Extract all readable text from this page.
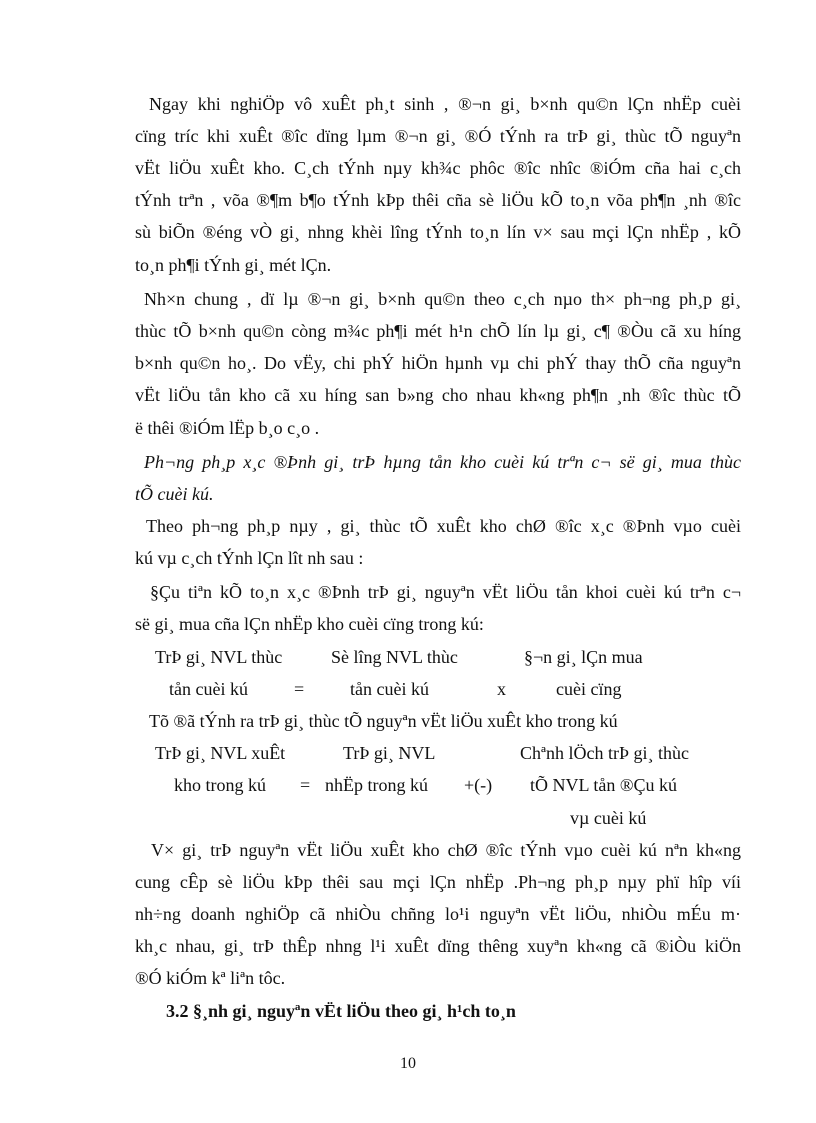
Ngay khi nghiÖp vô xuÊt ph¸t sinh , ®¬n gi¸ b×nh qu©n lÇn nhËp cuèi
cïng tríc khi xuÊt ®îc dïng lµm ®¬n gi¸ ®Ó tÝnh ra trÞ gi¸ thùc tÕ nguyªn
vËt liÖu xuÊt kho. C¸ch tÝnh nµy kh¾c phôc ®îc nhîc ®iÓm cña hai c¸ch
tÝnh trªn , võa ®¶m b¶o tÝnh kÞp thêi cña sè liÖu kÕ to¸n võa ph¶n ¸nh ®îc
sù biÕn ®éng vÒ gi¸ nhng khèi lîng tÝnh to¸n lín v× sau mçi lÇn nhËp , kÕ
to¸n ph¶i tÝnh gi¸ mét lÇn.
Nh×n chung , dï lµ ®¬n gi¸ b×nh qu©n theo c¸ch nµo th× ph¬ng ph¸p gi¸
thùc tÕ b×nh qu©n còng m¾c ph¶i mét h¹n chÕ lín lµ gi¸ c¶ ®Òu cã xu híng
b×nh qu©n ho¸. Do vËy, chi phÝ hiÖn hµnh vµ chi phÝ thay thÕ cña nguyªn
vËt liÖu tån kho cã xu híng san b»ng cho nhau kh«ng ph¶n ¸nh ®îc thùc tÕ
ë thêi ®iÓm lËp b¸o c¸o .
Ph¬ng ph¸p x¸c ®Þnh gi¸ trÞ hµng tån kho cuèi kú trªn c¬ së gi¸ mua thùc
tÕ cuèi kú.
Theo ph¬ng ph¸p nµy , gi¸ thùc tÕ xuÊt kho chØ ®îc x¸c ®Þnh vµo cuèi
kú vµ c¸ch tÝnh lÇn lît nh sau :
§Çu tiªn kÕ to¸n x¸c ®Þnh trÞ gi¸ nguyªn vËt liÖu tån khoi cuèi kú trªn c¬
së gi¸ mua cña lÇn nhËp kho cuèi cïng trong kú:
TrÞ gi¸ NVL thùc	Sè lîng NVL thùc	§¬n gi¸ lÇn mua
tån cuèi kú	=	tån cuèi kú	x	cuèi cïng
Tõ ®ã tÝnh ra trÞ gi¸ thùc tÕ nguyªn vËt liÖu xuÊt kho trong kú
TrÞ gi¸ NVL xuÊt	TrÞ gi¸ NVL	Chªnh lÖch trÞ gi¸ thùc
kho trong kú = nhËp trong kú +(-) tÕ NVL tån ®Çu kú
vµ cuèi kú
V× gi¸ trÞ nguyªn vËt liÖu xuÊt kho chØ ®îc tÝnh vµo cuèi kú nªn kh«ng
cung cÊp sè liÖu kÞp thêi sau mçi lÇn nhËp .Ph¬ng ph¸p nµy phï hîp víi
nh÷ng doanh nghiÖp cã nhiÒu chñng lo¹i nguyªn vËt liÖu, nhiÒu mÉu m·
kh¸c nhau, gi¸ trÞ thÊp nhng l¹i xuÊt dïng thêng xuyªn kh«ng cã ®iÒu kiÖn
®Ó kiÓm kª liªn tôc.
3.2 §¸nh gi¸ nguyªn vËt liÖu theo gi¸ h¹ch to¸n
10
